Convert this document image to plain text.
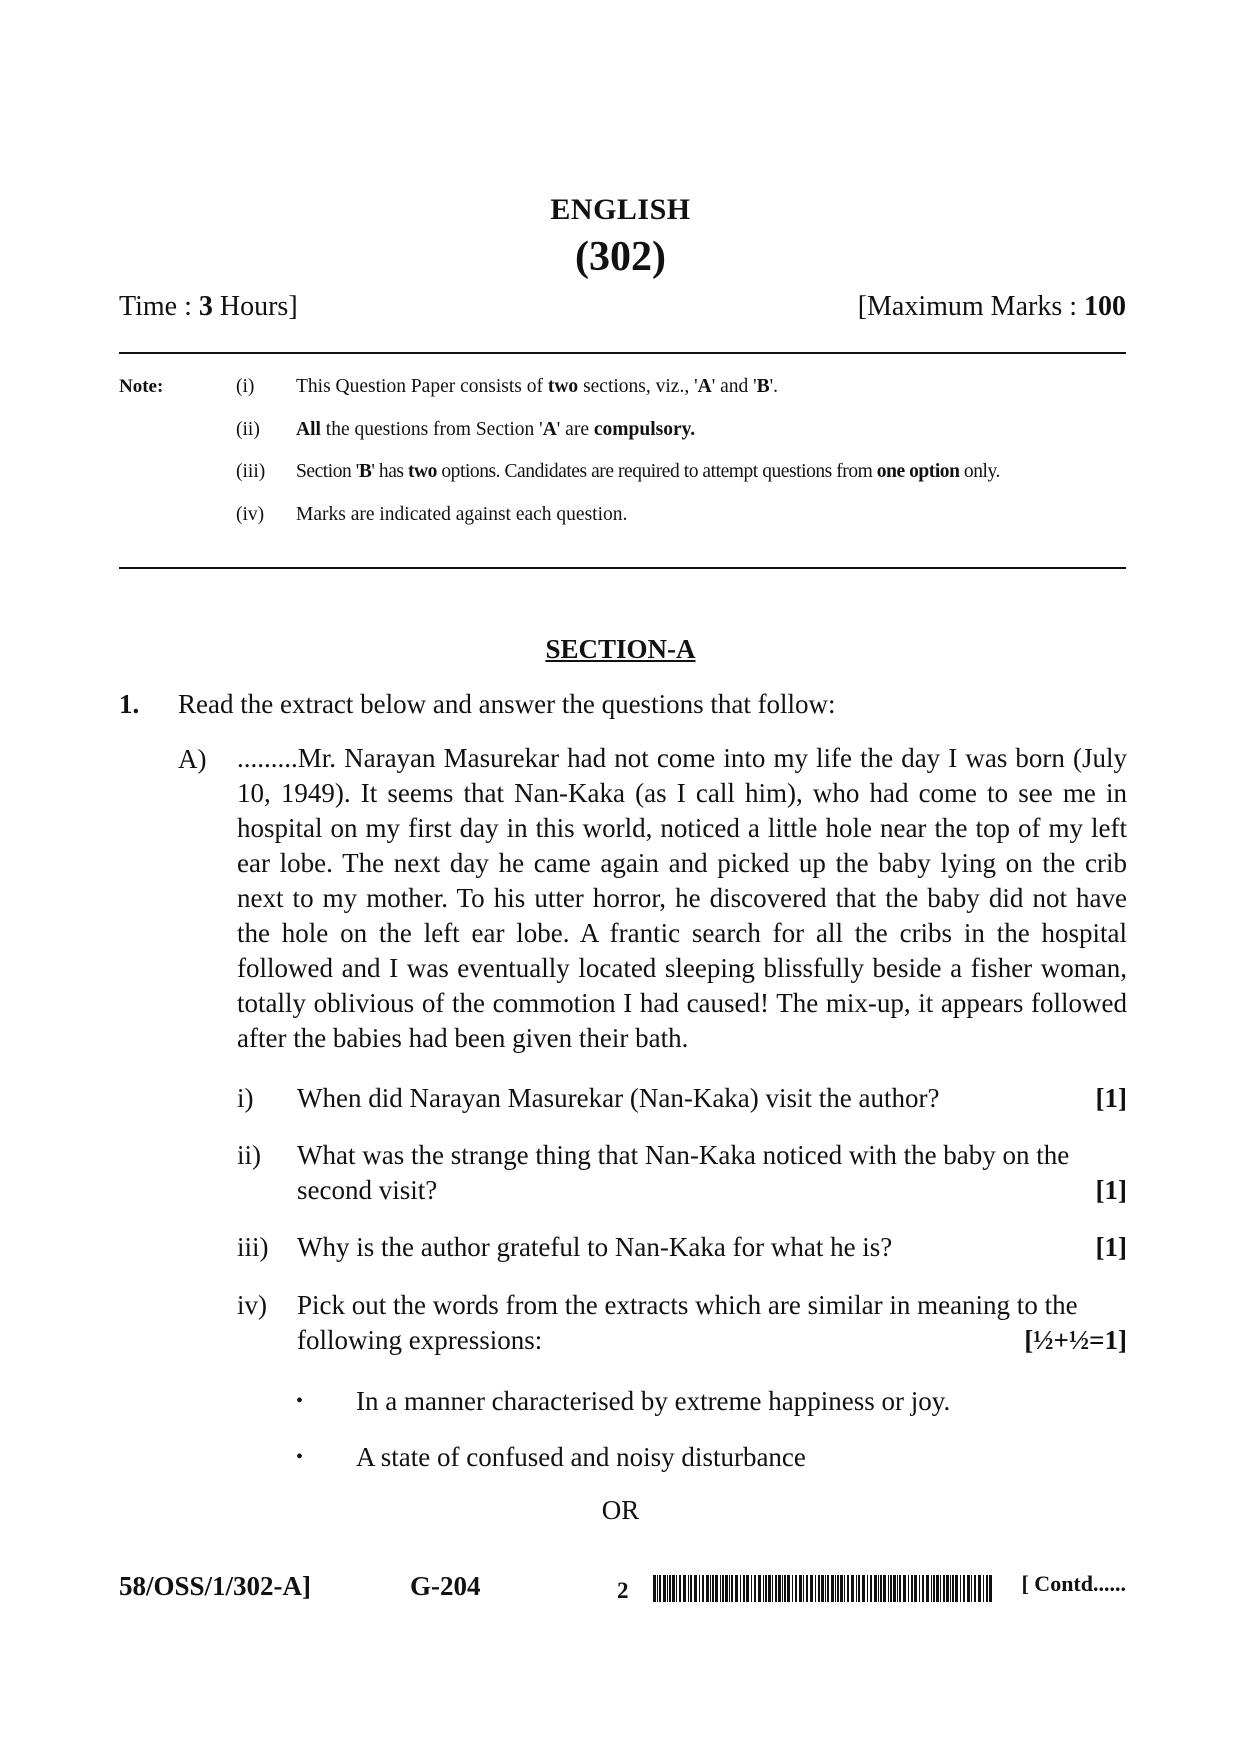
ENGLISH
(302)
Time : 3 Hours]	[Maximum Marks : 100
Note:	(i)	This Question Paper consists of two sections, viz., 'A' and 'B'.
(ii)	All the questions from Section 'A' are compulsory.
(iii)	Section 'B' has two options. Candidates are required to attempt questions from one option only.
(iv)	Marks are indicated against each question.
SECTION-A
1. Read the extract below and answer the questions that follow:
A) .........Mr. Narayan Masurekar had not come into my life the day I was born (July 10, 1949). It seems that Nan-Kaka (as I call him), who had come to see me in hospital on my first day in this world, noticed a little hole near the top of my left ear lobe. The next day he came again and picked up the baby lying on the crib next to my mother. To his utter horror, he discovered that the baby did not have the hole on the left ear lobe. A frantic search for all the cribs in the hospital followed and I was eventually located sleeping blissfully beside a fisher woman, totally oblivious of the commotion I had caused! The mix-up, it appears followed after the babies had been given their bath.
i) When did Narayan Masurekar (Nan-Kaka) visit the author?	[1]
ii) What was the strange thing that Nan-Kaka noticed with the baby on the second visit?	[1]
iii) Why is the author grateful to Nan-Kaka for what he is?	[1]
iv) Pick out the words from the extracts which are similar in meaning to the following expressions:	[½+½=1]
• In a manner characterised by extreme happiness or joy.
• A state of confused and noisy disturbance
OR
58/OSS/1/302-A]	G-204	2	[ Contd......
